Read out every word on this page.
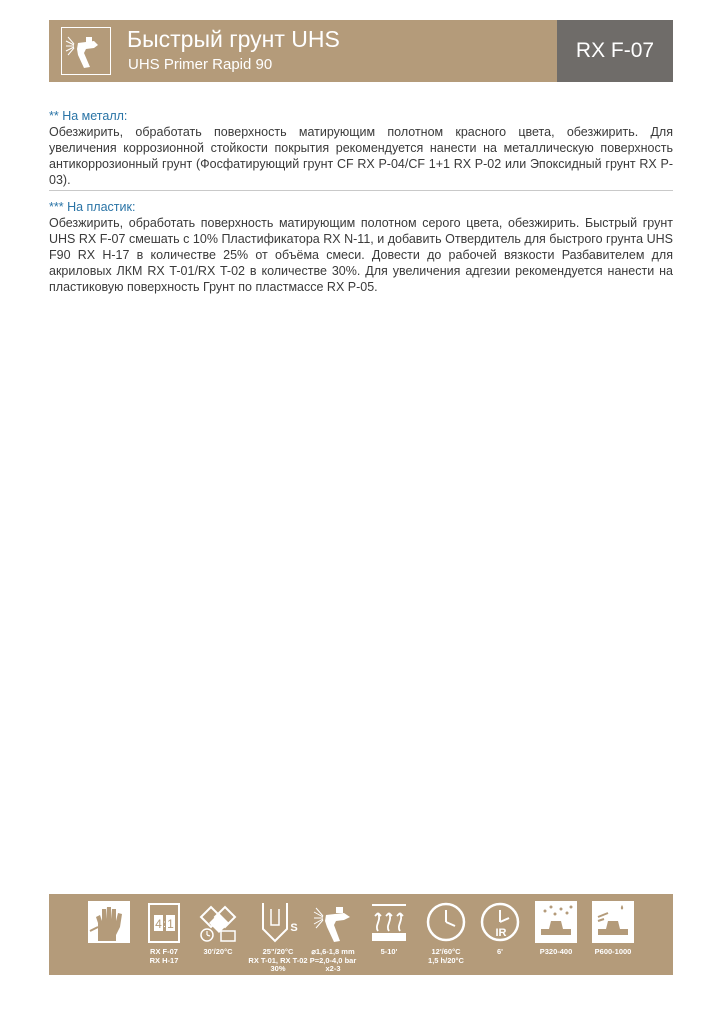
Быстрый грунт UHS
UHS Primer Rapid 90
RX F-07
** На металл:
Обезжирить, обработать поверхность матирующим полотном красного цвета, обезжирить. Для увеличения коррозионной стойкости покрытия рекомендуется нанести на металлическую поверхность антикоррозионный грунт (Фосфатирующий грунт CF RX P-04/CF 1+1 RX P-02 или Эпоксидный грунт RX P-03).
*** На пластик:
Обезжирить, обработать поверхность матирующим полотном серого цвета, обезжирить. Быстрый грунт UHS RX F-07 смешать с 10% Пластификатора RX N-11, и добавить Отвердитель для быстрого грунта UHS F90 RX H-17 в количестве 25% от объёма смеси. Довести до рабочей вязкости Разбавителем для акриловых ЛКМ RX T-01/RX T-02 в количестве 30%. Для увеличения адгезии рекомендуется нанести на пластиковую поверхность Грунт по пластмассе RX P-05.
4 1
:
RX F-07
RX H-17
30'/20°C
S
25"/20°C
RX T-01, RX T-02
30%
⌀1,6-1,8 mm
P=2,0-4,0 bar
x2-3
5-10'	12'/60°C
1,5 h/20°C
IR
6'	P320-400	P600-1000
